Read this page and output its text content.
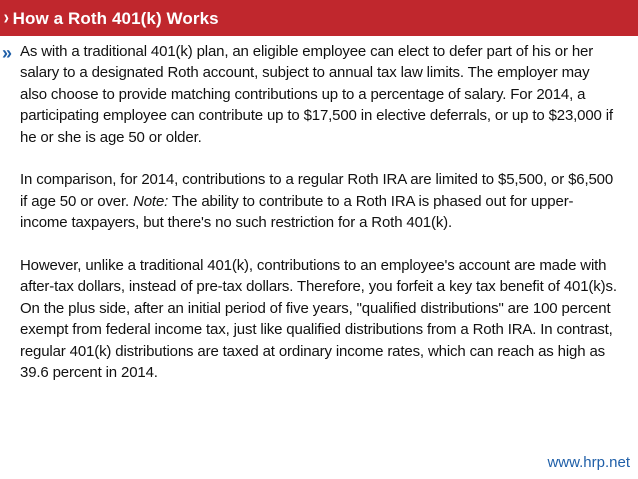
› How a Roth 401(k) Works
» As with a traditional 401(k) plan, an eligible employee can elect to defer part of his or her salary to a designated Roth account, subject to annual tax law limits. The employer may also choose to provide matching contributions up to a percentage of salary. For 2014, a participating employee can contribute up to $17,500 in elective deferrals, or up to $23,000 if he or she is age 50 or older.

In comparison, for 2014, contributions to a regular Roth IRA are limited to $5,500, or $6,500 if age 50 or over. Note: The ability to contribute to a Roth IRA is phased out for upper-income taxpayers, but there's no such restriction for a Roth 401(k).

However, unlike a traditional 401(k), contributions to an employee's account are made with after-tax dollars, instead of pre-tax dollars. Therefore, you forfeit a key tax benefit of 401(k)s. On the plus side, after an initial period of five years, "qualified distributions" are 100 percent exempt from federal income tax, just like qualified distributions from a Roth IRA. In contrast, regular 401(k) distributions are taxed at ordinary income rates, which can reach as high as 39.6 percent in 2014.

www.hrp.net
